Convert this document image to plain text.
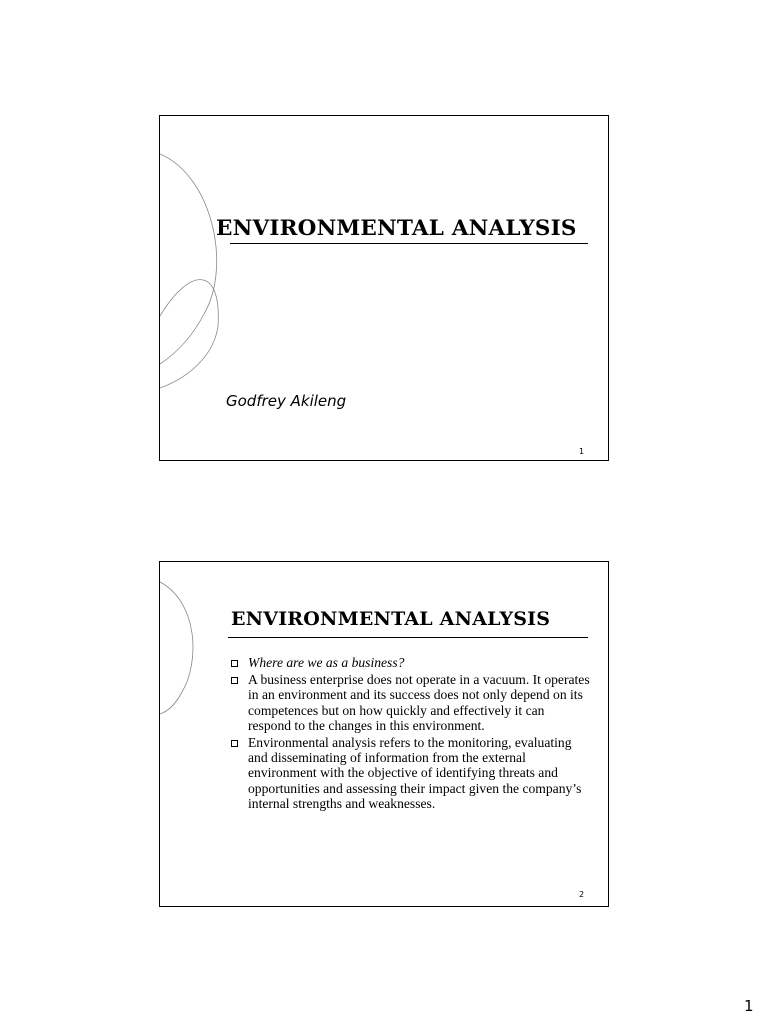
ENVIRONMENTAL ANALYSIS
Godfrey Akileng
1
ENVIRONMENTAL ANALYSIS
Where are we as a business?
A business enterprise does not operate in a vacuum. It operates in an environment and its success does not only depend on its competences but on how quickly and effectively it can respond to the changes in this environment.
Environmental analysis refers to the monitoring, evaluating and disseminating of information from the external environment with the objective of identifying threats and opportunities and assessing their impact given the company’s internal strengths and weaknesses.
2
1
